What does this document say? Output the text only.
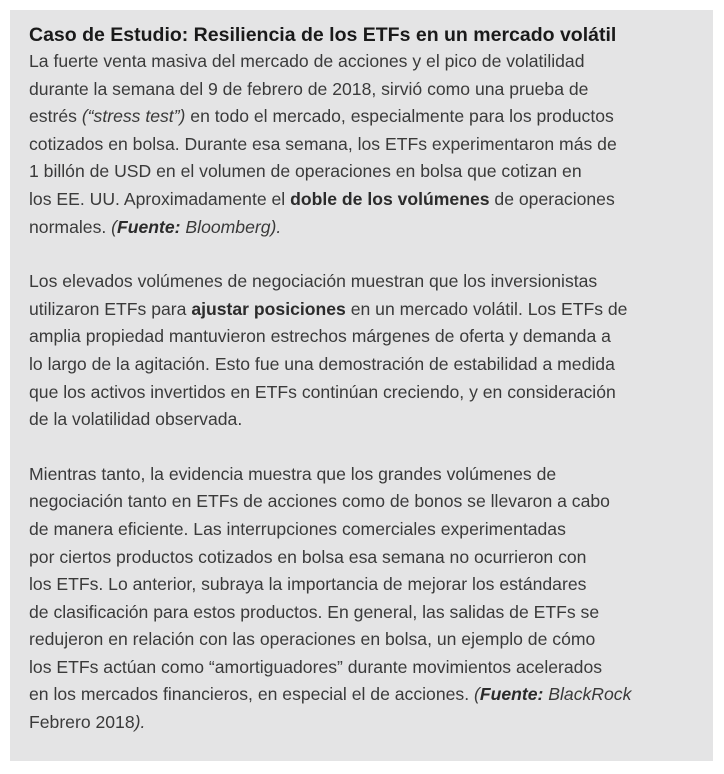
Caso de Estudio: Resiliencia de los ETFs en un mercado volátil

La fuerte venta masiva del mercado de acciones y el pico de volatilidad
durante la semana del 9 de febrero de 2018, sirvió como una prueba de
estrés (“stress test”) en todo el mercado, especialmente para los productos
cotizados en bolsa. Durante esa semana, los ETFs experimentaron más de
1 billón de USD en el volumen de operaciones en bolsa que cotizan en
los EE. UU. Aproximadamente el doble de los volúmenes de operaciones
normales. (Fuente: Bloomberg).

Los elevados volúmenes de negociación muestran que los inversionistas
utilizaron ETFs para ajustar posiciones en un mercado volátil. Los ETFs de
amplia propiedad mantuvieron estrechos márgenes de oferta y demanda a
lo largo de la agitación. Esto fue una demostración de estabilidad a medida
que los activos invertidos en ETFs continúan creciendo, y en consideración
de la volatilidad observada.

Mientras tanto, la evidencia muestra que los grandes volúmenes de
negociación tanto en ETFs de acciones como de bonos se llevaron a cabo
de manera eficiente. Las interrupciones comerciales experimentadas
por ciertos productos cotizados en bolsa esa semana no ocurrieron con
los ETFs. Lo anterior, subraya la importancia de mejorar los estándares
de clasificación para estos productos. En general, las salidas de ETFs se
redujeron en relación con las operaciones en bolsa, un ejemplo de cómo
los ETFs actúan como “amortiguadores” durante movimientos acelerados
en los mercados financieros, en especial el de acciones. (Fuente: BlackRock
Febrero 2018).
